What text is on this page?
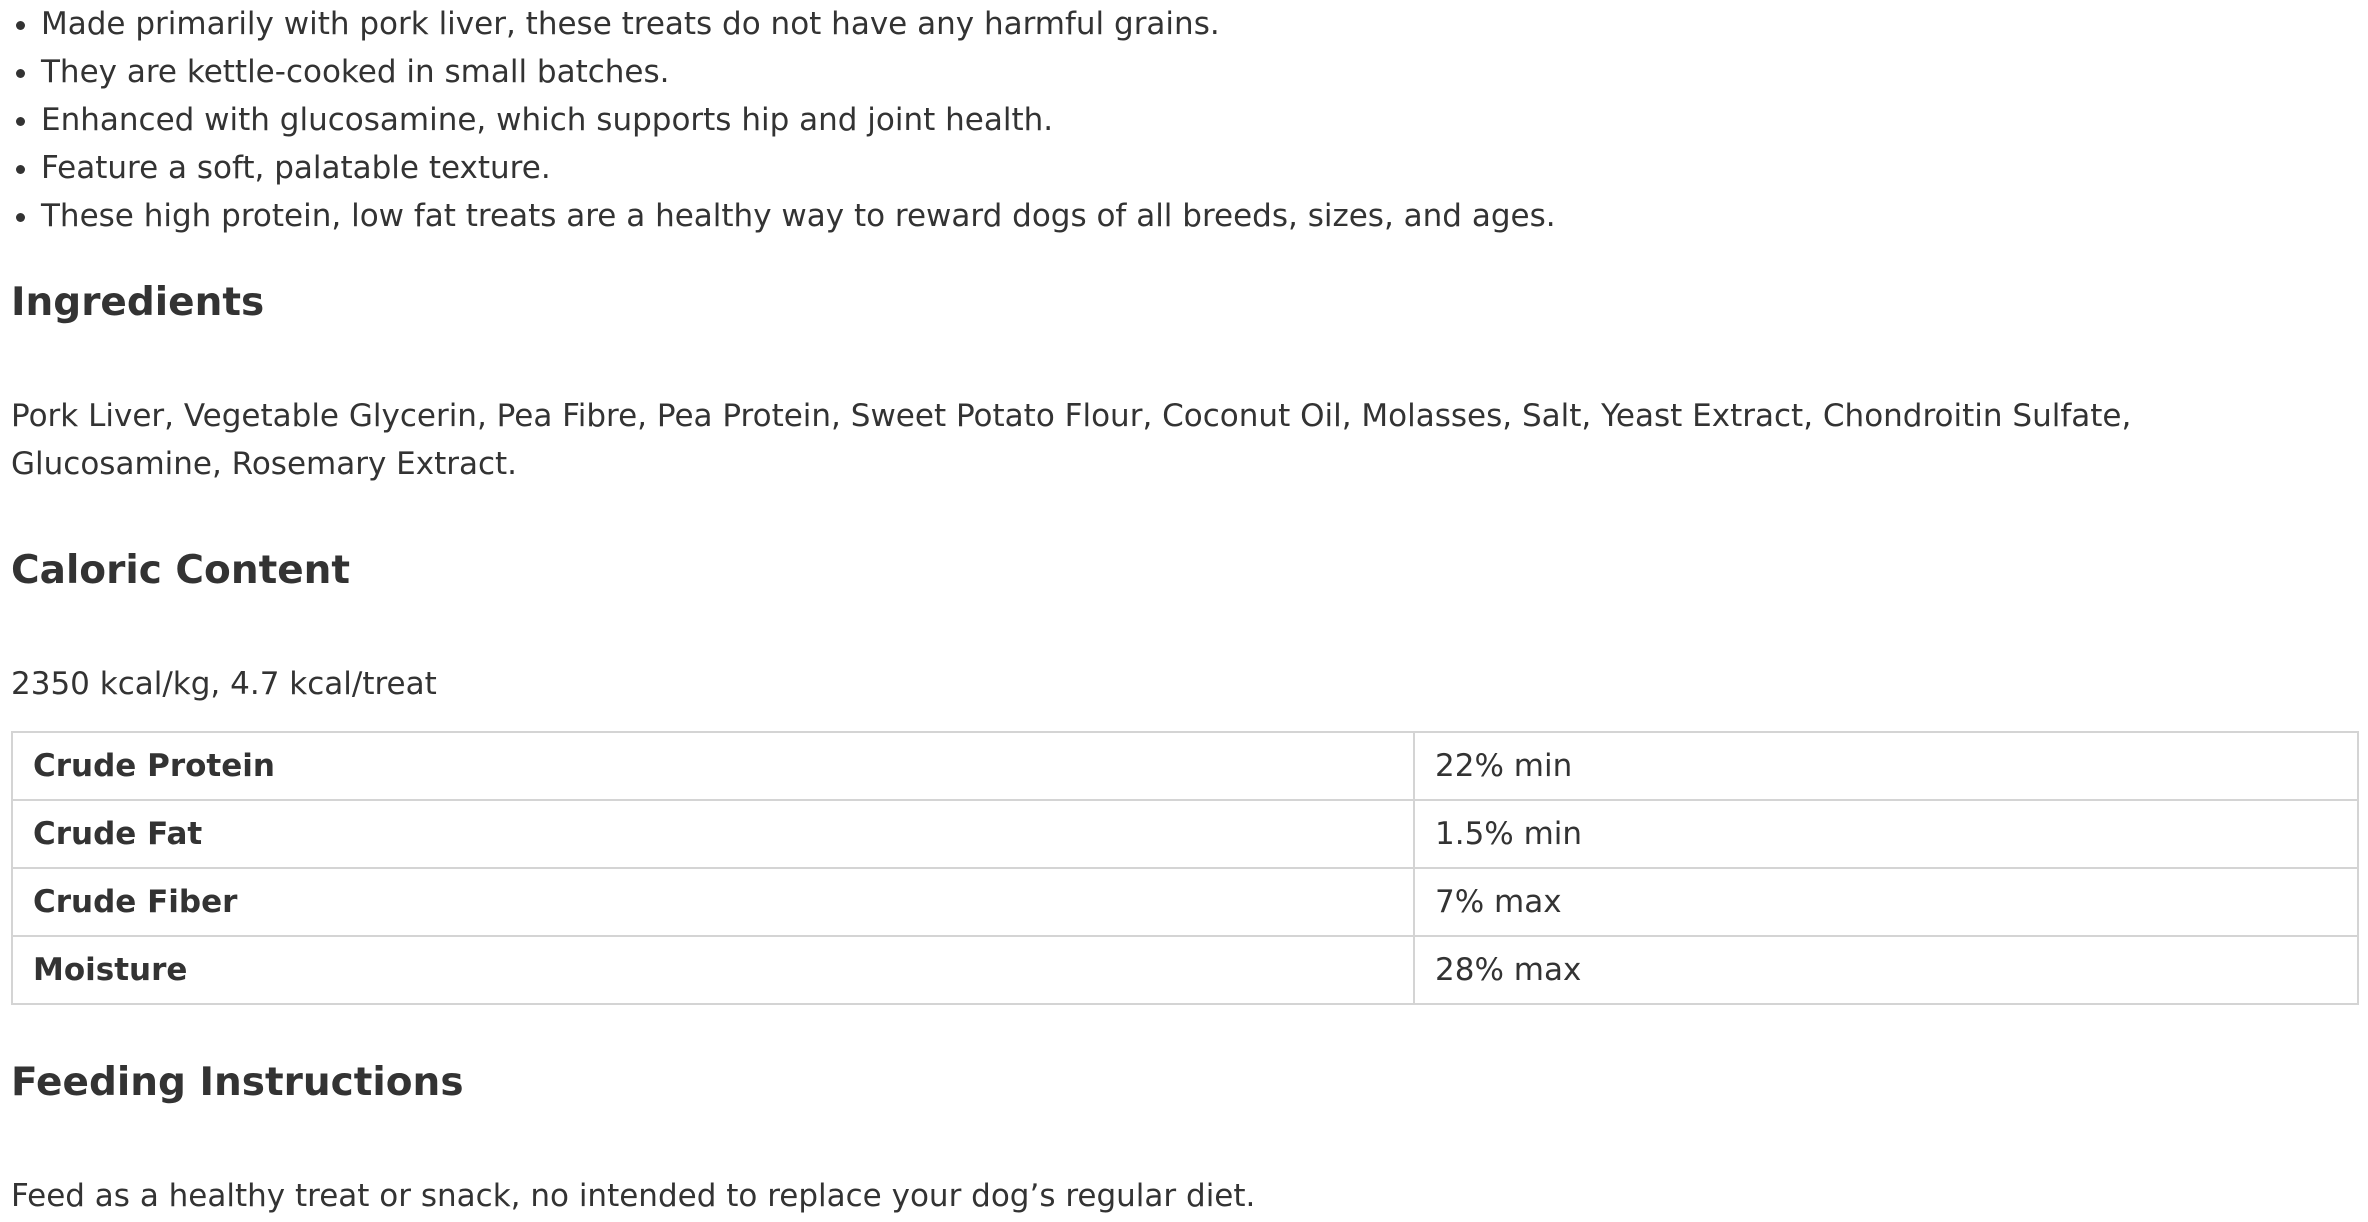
• Made primarily with pork liver, these treats do not have any harmful grains.
• They are kettle-cooked in small batches.
• Enhanced with glucosamine, which supports hip and joint health.
• Feature a soft, palatable texture.
• These high protein, low fat treats are a healthy way to reward dogs of all breeds, sizes, and ages.
Ingredients

Pork Liver, Vegetable Glycerin, Pea Fibre, Pea Protein, Sweet Potato Flour, Coconut Oil, Molasses, Salt, Yeast Extract, Chondroitin Sulfate, Glucosamine, Rosemary Extract.

Caloric Content

2350 kcal/kg, 4.7 kcal/treat

Crude Protein	22% min
Crude Fat	1.5% min
Crude Fiber	7% max
Moisture	28% max
Feeding Instructions

Feed as a healthy treat or snack, no intended to replace your dog’s regular diet.
